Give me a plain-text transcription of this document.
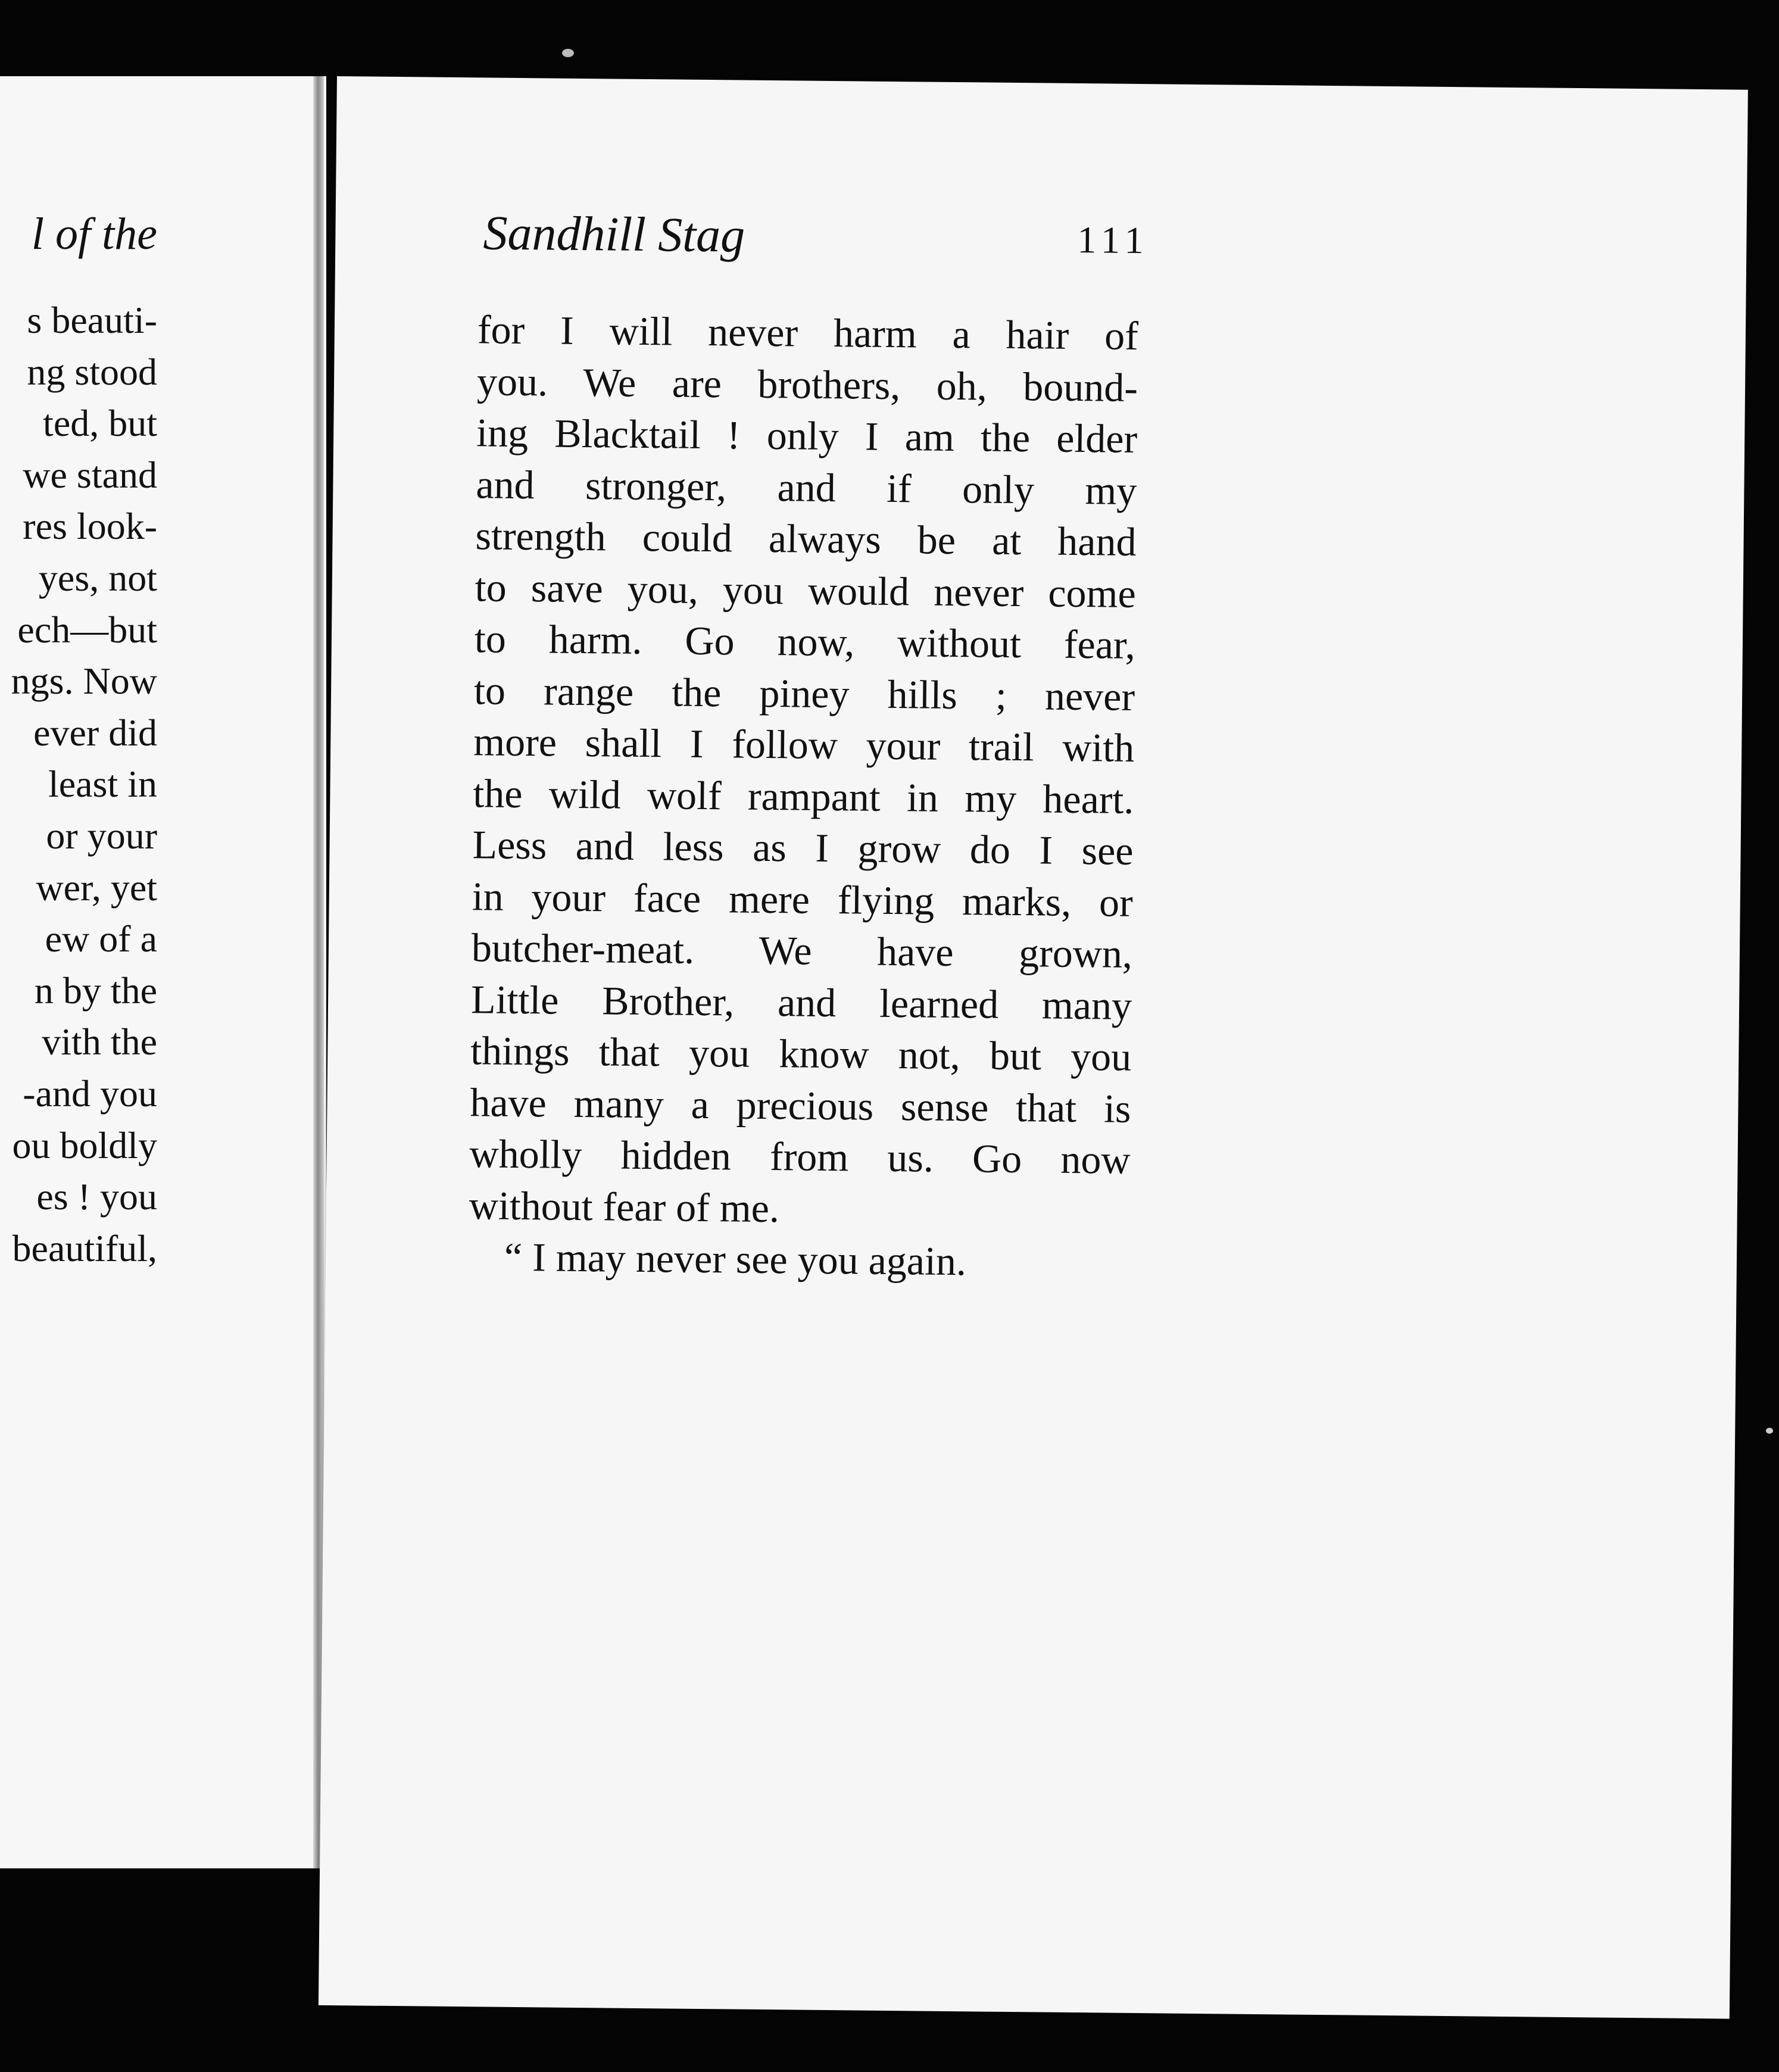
l of the
s beauti-
ng stood
ted, but
we stand
res look-
yes, not
ech—but
ngs. Now
ever did
least in
or your
wer, yet
ew of a
n by the
vith the
-and you
ou boldly
es ! you
beautiful,
Sandhill Stag	111
for I will never harm a hair of
you. We are brothers, oh, bound-
ing Blacktail ! only I am the elder
and stronger, and if only my
strength could always be at hand
to save you, you would never come
to harm. Go now, without fear,
to range the piney hills ; never
more shall I follow your trail with
the wild wolf rampant in my heart.
Less and less as I grow do I see
in your face mere flying marks, or
butcher-meat. We have grown,
Little Brother, and learned many
things that you know not, but you
have many a precious sense that is
wholly hidden from us. Go now
without fear of me.
“ I may never see you again.
